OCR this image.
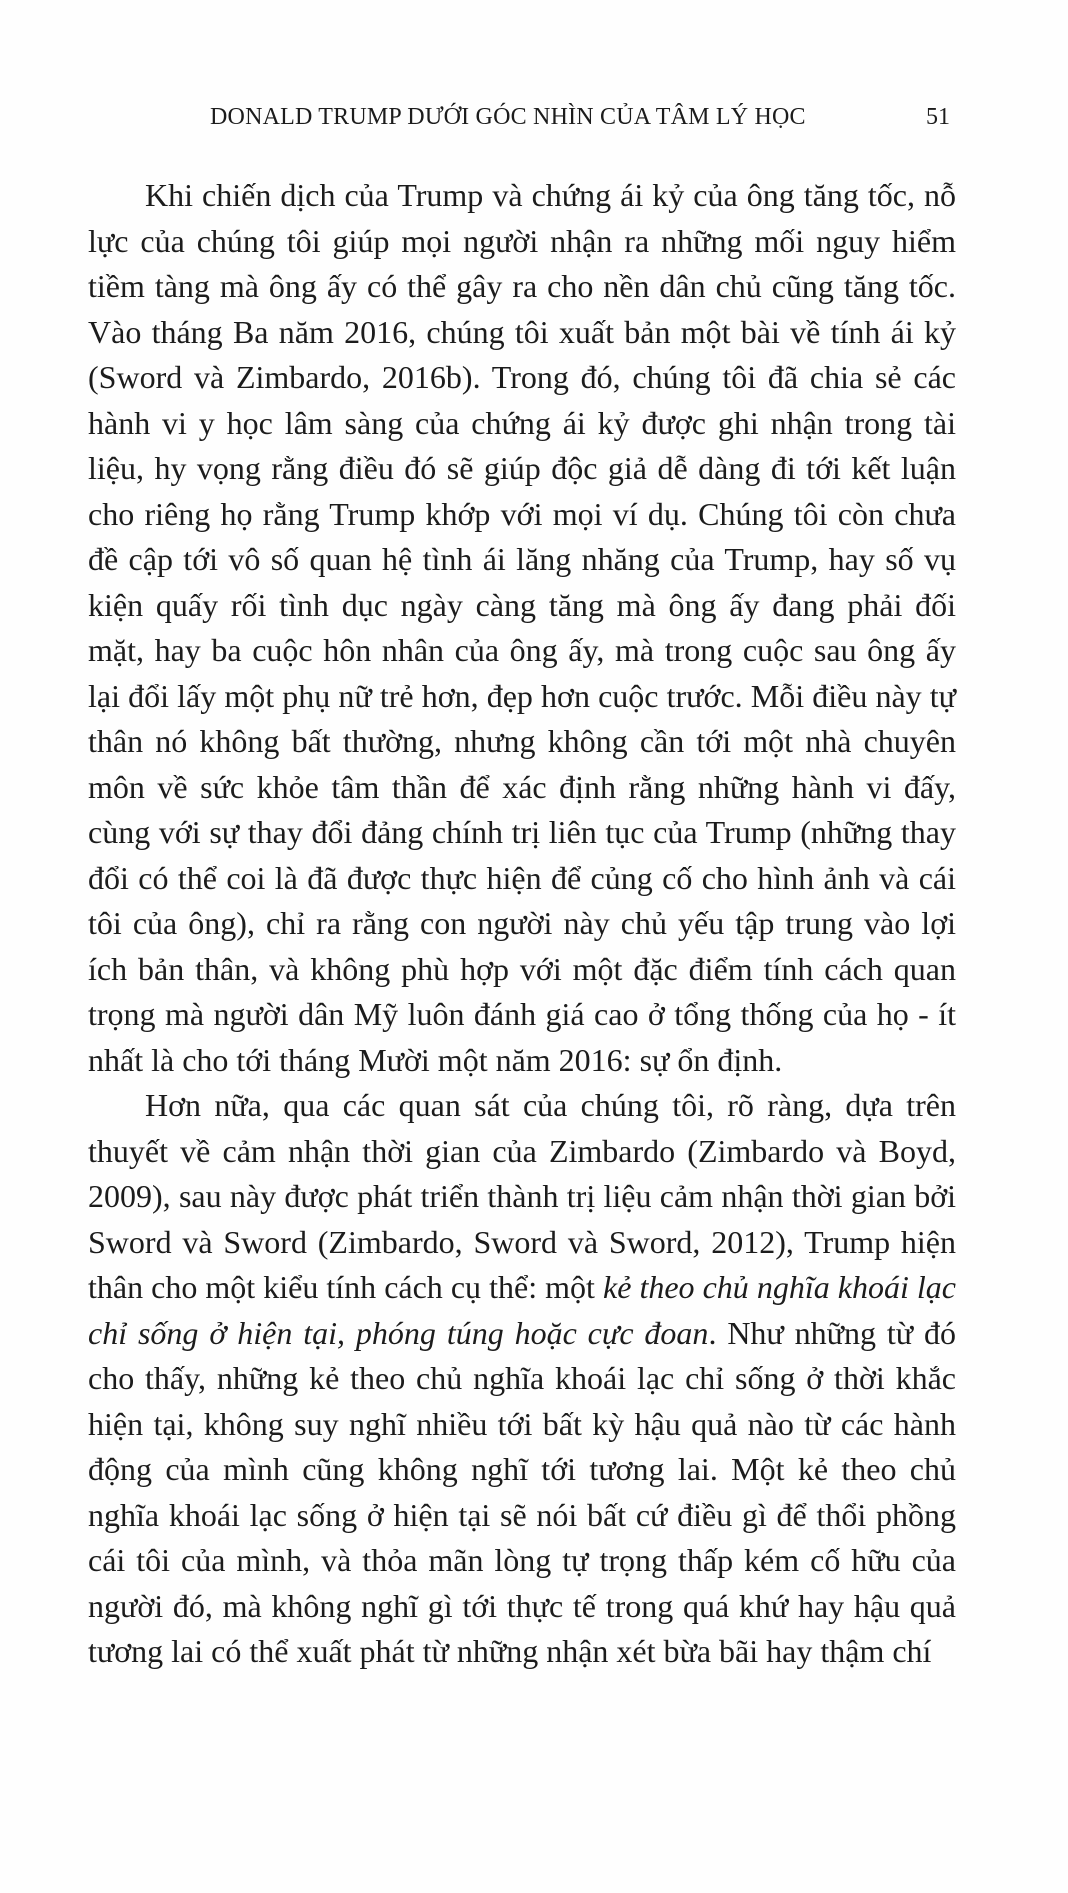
DONALD TRUMP DƯỚI GÓC NHÌN CỦA TÂM LÝ HỌC	51

Khi chiến dịch của Trump và chứng ái kỷ của ông tăng tốc, nỗ lực của chúng tôi giúp mọi người nhận ra những mối nguy hiểm tiềm tàng mà ông ấy có thể gây ra cho nền dân chủ cũng tăng tốc. Vào tháng Ba năm 2016, chúng tôi xuất bản một bài về tính ái kỷ (Sword và Zimbardo, 2016b). Trong đó, chúng tôi đã chia sẻ các hành vi y học lâm sàng của chứng ái kỷ được ghi nhận trong tài liệu, hy vọng rằng điều đó sẽ giúp độc giả dễ dàng đi tới kết luận cho riêng họ rằng Trump khớp với mọi ví dụ. Chúng tôi còn chưa đề cập tới vô số quan hệ tình ái lăng nhăng của Trump, hay số vụ kiện quấy rối tình dục ngày càng tăng mà ông ấy đang phải đối mặt, hay ba cuộc hôn nhân của ông ấy, mà trong cuộc sau ông ấy lại đổi lấy một phụ nữ trẻ hơn, đẹp hơn cuộc trước. Mỗi điều này tự thân nó không bất thường, nhưng không cần tới một nhà chuyên môn về sức khỏe tâm thần để xác định rằng những hành vi đấy, cùng với sự thay đổi đảng chính trị liên tục của Trump (những thay đổi có thể coi là đã được thực hiện để củng cố cho hình ảnh và cái tôi của ông), chỉ ra rằng con người này chủ yếu tập trung vào lợi ích bản thân, và không phù hợp với một đặc điểm tính cách quan trọng mà người dân Mỹ luôn đánh giá cao ở tổng thống của họ - ít nhất là cho tới tháng Mười một năm 2016: sự ổn định.

Hơn nữa, qua các quan sát của chúng tôi, rõ ràng, dựa trên thuyết về cảm nhận thời gian của Zimbardo (Zimbardo và Boyd, 2009), sau này được phát triển thành trị liệu cảm nhận thời gian bởi Sword và Sword (Zimbardo, Sword và Sword, 2012), Trump hiện thân cho một kiểu tính cách cụ thể: một kẻ theo chủ nghĩa khoái lạc chỉ sống ở hiện tại, phóng túng hoặc cực đoan. Như những từ đó cho thấy, những kẻ theo chủ nghĩa khoái lạc chỉ sống ở thời khắc hiện tại, không suy nghĩ nhiều tới bất kỳ hậu quả nào từ các hành động của mình cũng không nghĩ tới tương lai. Một kẻ theo chủ nghĩa khoái lạc sống ở hiện tại sẽ nói bất cứ điều gì để thổi phồng cái tôi của mình, và thỏa mãn lòng tự trọng thấp kém cố hữu của người đó, mà không nghĩ gì tới thực tế trong quá khứ hay hậu quả tương lai có thể xuất phát từ những nhận xét bừa bãi hay thậm chí
